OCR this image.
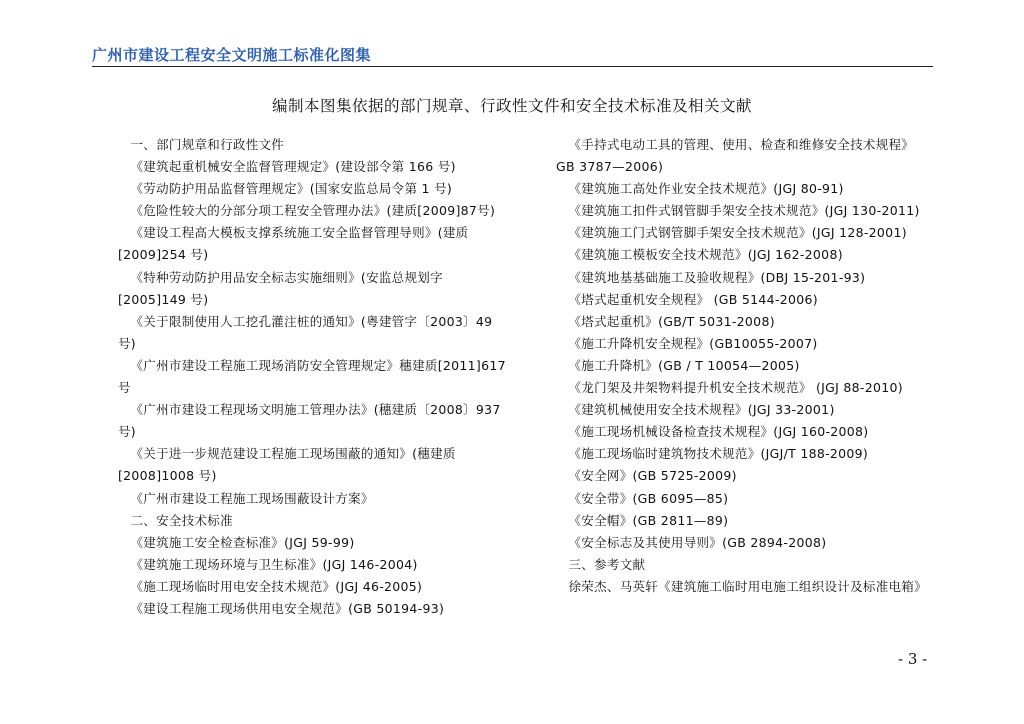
广州市建设工程安全文明施工标准化图集
编制本图集依据的部门规章、行政性文件和安全技术标准及相关文献
一、部门规章和行政性文件
《建筑起重机械安全监督管理规定》(建设部令第 166 号)
《劳动防护用品监督管理规定》(国家安监总局令第 1 号)
《危险性较大的分部分项工程安全管理办法》(建质[2009]87号)
《建设工程高大模板支撑系统施工安全监督管理导则》(建质[2009]254 号)
《特种劳动防护用品安全标志实施细则》(安监总规划字[2005]149 号)
《关于限制使用人工挖孔灌注桩的通知》(粤建管字〔2003〕49 号)
《广州市建设工程施工现场消防安全管理规定》穗建质[2011]617 号
《广州市建设工程现场文明施工管理办法》(穗建质〔2008〕937 号)
《关于进一步规范建设工程施工现场围蔽的通知》(穗建质[2008]1008 号)
《广州市建设工程施工现场围蔽设计方案》
二、安全技术标准
《建筑施工安全检查标准》(JGJ 59-99)
《建筑施工现场环境与卫生标准》(JGJ 146-2004)
《施工现场临时用电安全技术规范》(JGJ 46-2005)
《建设工程施工现场供用电安全规范》(GB 50194-93)
《手持式电动工具的管理、使用、检查和维修安全技术规程》 GB 3787—2006)
《建筑施工高处作业安全技术规范》(JGJ 80-91)
《建筑施工扣件式钢管脚手架安全技术规范》(JGJ 130-2011)
《建筑施工门式钢管脚手架安全技术规范》(JGJ 128-2001)
《建筑施工模板安全技术规范》(JGJ 162-2008)
《建筑地基基础施工及验收规程》(DBJ 15-201-93)
《塔式起重机安全规程》 (GB 5144-2006)
《塔式起重机》(GB/T 5031-2008)
《施工升降机安全规程》(GB10055-2007)
《施工升降机》(GB / T 10054—2005)
《龙门架及井架物料提升机安全技术规范》 (JGJ 88-2010)
《建筑机械使用安全技术规程》(JGJ 33-2001)
《施工现场机械设备检查技术规程》(JGJ 160-2008)
《施工现场临时建筑物技术规范》(JGJ/T 188-2009)
《安全网》(GB 5725-2009)
《安全带》(GB 6095—85)
《安全帽》(GB 2811—89)
《安全标志及其使用导则》(GB 2894-2008)
三、参考文献
徐荣杰、马英轩《建筑施工临时用电施工组织设计及标准电箱》
- 3 -
